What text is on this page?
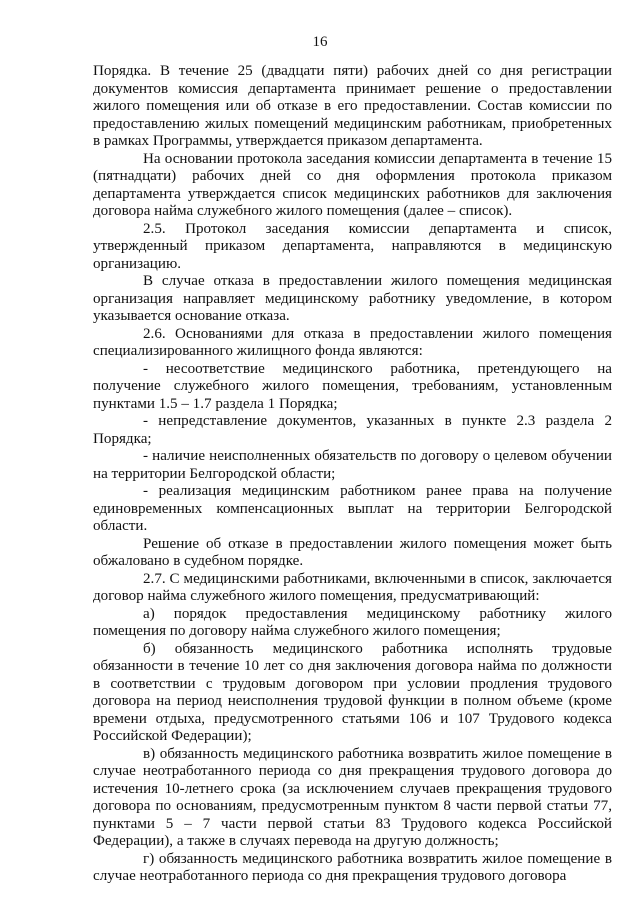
16

Порядка. В течение 25 (двадцати пяти) рабочих дней со дня регистрации документов комиссия департамента принимает решение о предоставлении жилого помещения или об отказе в его предоставлении. Состав комиссии по предоставлению жилых помещений медицинским работникам, приобретенных в рамках Программы, утверждается приказом департамента.

На основании протокола заседания комиссии департамента в течение 15 (пятнадцати) рабочих дней со дня оформления протокола приказом департамента утверждается список медицинских работников для заключения договора найма служебного жилого помещения (далее – список).

2.5. Протокол заседания комиссии департамента и список, утвержденный приказом департамента, направляются в медицинскую организацию.

В случае отказа в предоставлении жилого помещения медицинская организация направляет медицинскому работнику уведомление, в котором указывается основание отказа.

2.6. Основаниями для отказа в предоставлении жилого помещения специализированного жилищного фонда являются:

- несоответствие медицинского работника, претендующего на получение служебного жилого помещения, требованиям, установленным пунктами 1.5 – 1.7 раздела 1 Порядка;

- непредставление документов, указанных в пункте 2.3 раздела 2 Порядка;

- наличие неисполненных обязательств по договору о целевом обучении на территории Белгородской области;

- реализация медицинским работником ранее права на получение единовременных компенсационных выплат на территории Белгородской области.

Решение об отказе в предоставлении жилого помещения может быть обжаловано в судебном порядке.

2.7. С медицинскими работниками, включенными в список, заключается договор найма служебного жилого помещения, предусматривающий:

а) порядок предоставления медицинскому работнику жилого помещения по договору найма служебного жилого помещения;

б) обязанность медицинского работника исполнять трудовые обязанности в течение 10 лет со дня заключения договора найма по должности в соответствии с трудовым договором при условии продления трудового договора на период неисполнения трудовой функции в полном объеме (кроме времени отдыха, предусмотренного статьями 106 и 107 Трудового кодекса Российской Федерации);

в) обязанность медицинского работника возвратить жилое помещение в случае неотработанного периода со дня прекращения трудового договора до истечения 10-летнего срока (за исключением случаев прекращения трудового договора по основаниям, предусмотренным пунктом 8 части первой статьи 77, пунктами 5 – 7 части первой статьи 83 Трудового кодекса Российской Федерации), а также в случаях перевода на другую должность;

г) обязанность медицинского работника возвратить жилое помещение в случае неотработанного периода со дня прекращения трудового договора
